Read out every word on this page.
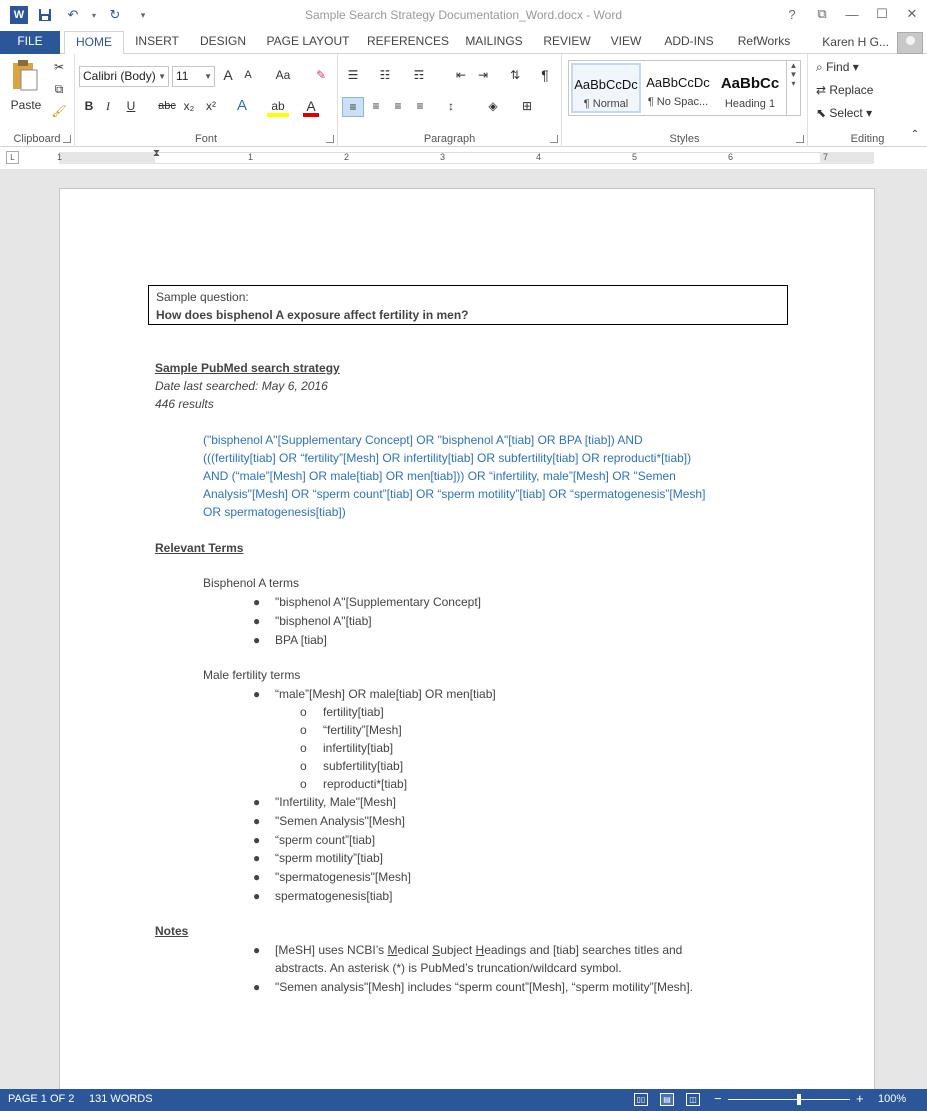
W	↶	▾	↻	▾	Sample Search Strategy Documentation_Word.docx - Word	?	⧉	—	☐	✕
FILE	HOME	INSERT	DESIGN	PAGE LAYOUT REFERENCES MAILINGS REVIEW	VIEW	ADD-INS	RefWorks	Karen H G...
Paste
✂
⧉
🖌
Clipboard
Calibri (Body) ▼ 11 ▼ A	A	Aa	✎
B	I	U	abc x₂ x² A	ab	A
Font
☰	☷	☶	⇤ ⇥	⇅	¶
≡	≡	≡	≡	↕	◈	⊞
Paragraph	Styles
AaBbCcDc
¶ Normal
AaBbCcDc
¶ No Spac...
AaBbCc
Heading 1
▲
▼
▾
⌕ Find ▾
⇄ Replace
⬉ Select ▾
Editing	⌃
L	1	⧗	1	2	3	4	5	6	7
Sample question:
How does bisphenol A exposure affect fertility in men?
Sample PubMed search strategy
Date last searched: May 6, 2016
446 results
("bisphenol A"[Supplementary Concept] OR "bisphenol A"[tiab] OR BPA [tiab]) AND
(((fertility[tiab] OR “fertility”[Mesh] OR infertility[tiab] OR subfertility[tiab] OR reproducti*[tiab])
AND (“male”[Mesh] OR male[tiab] OR men[tiab])) OR “infertility, male”[Mesh] OR "Semen
Analysis"[Mesh] OR “sperm count”[tiab] OR “sperm motility”[tiab] OR “spermatogenesis”[Mesh]
OR spermatogenesis[tiab])
Relevant Terms
Bisphenol A terms
● "bisphenol A"[Supplementary Concept]
● "bisphenol A"[tiab]
● BPA [tiab]
Male fertility terms
● “male”[Mesh] OR male[tiab] OR men[tiab]
o fertility[tiab]
o “fertility”[Mesh]
o infertility[tiab]
o subfertility[tiab]
o reproducti*[tiab]
● "Infertility, Male"[Mesh]
● "Semen Analysis"[Mesh]
● “sperm count”[tiab]
● “sperm motility”[tiab]
● "spermatogenesis"[Mesh]
● spermatogenesis[tiab]
Notes
● [MeSH] uses NCBI’s Medical Subject Headings and [tiab] searches titles and
abstracts. An asterisk (*) is PubMed’s truncation/wildcard symbol.
● "Semen analysis"[Mesh] includes “sperm count”[Mesh], “sperm motility”[Mesh].
PAGE 1 OF 2 131 WORDS	▯▯	▤	◫ −	+ 100%
